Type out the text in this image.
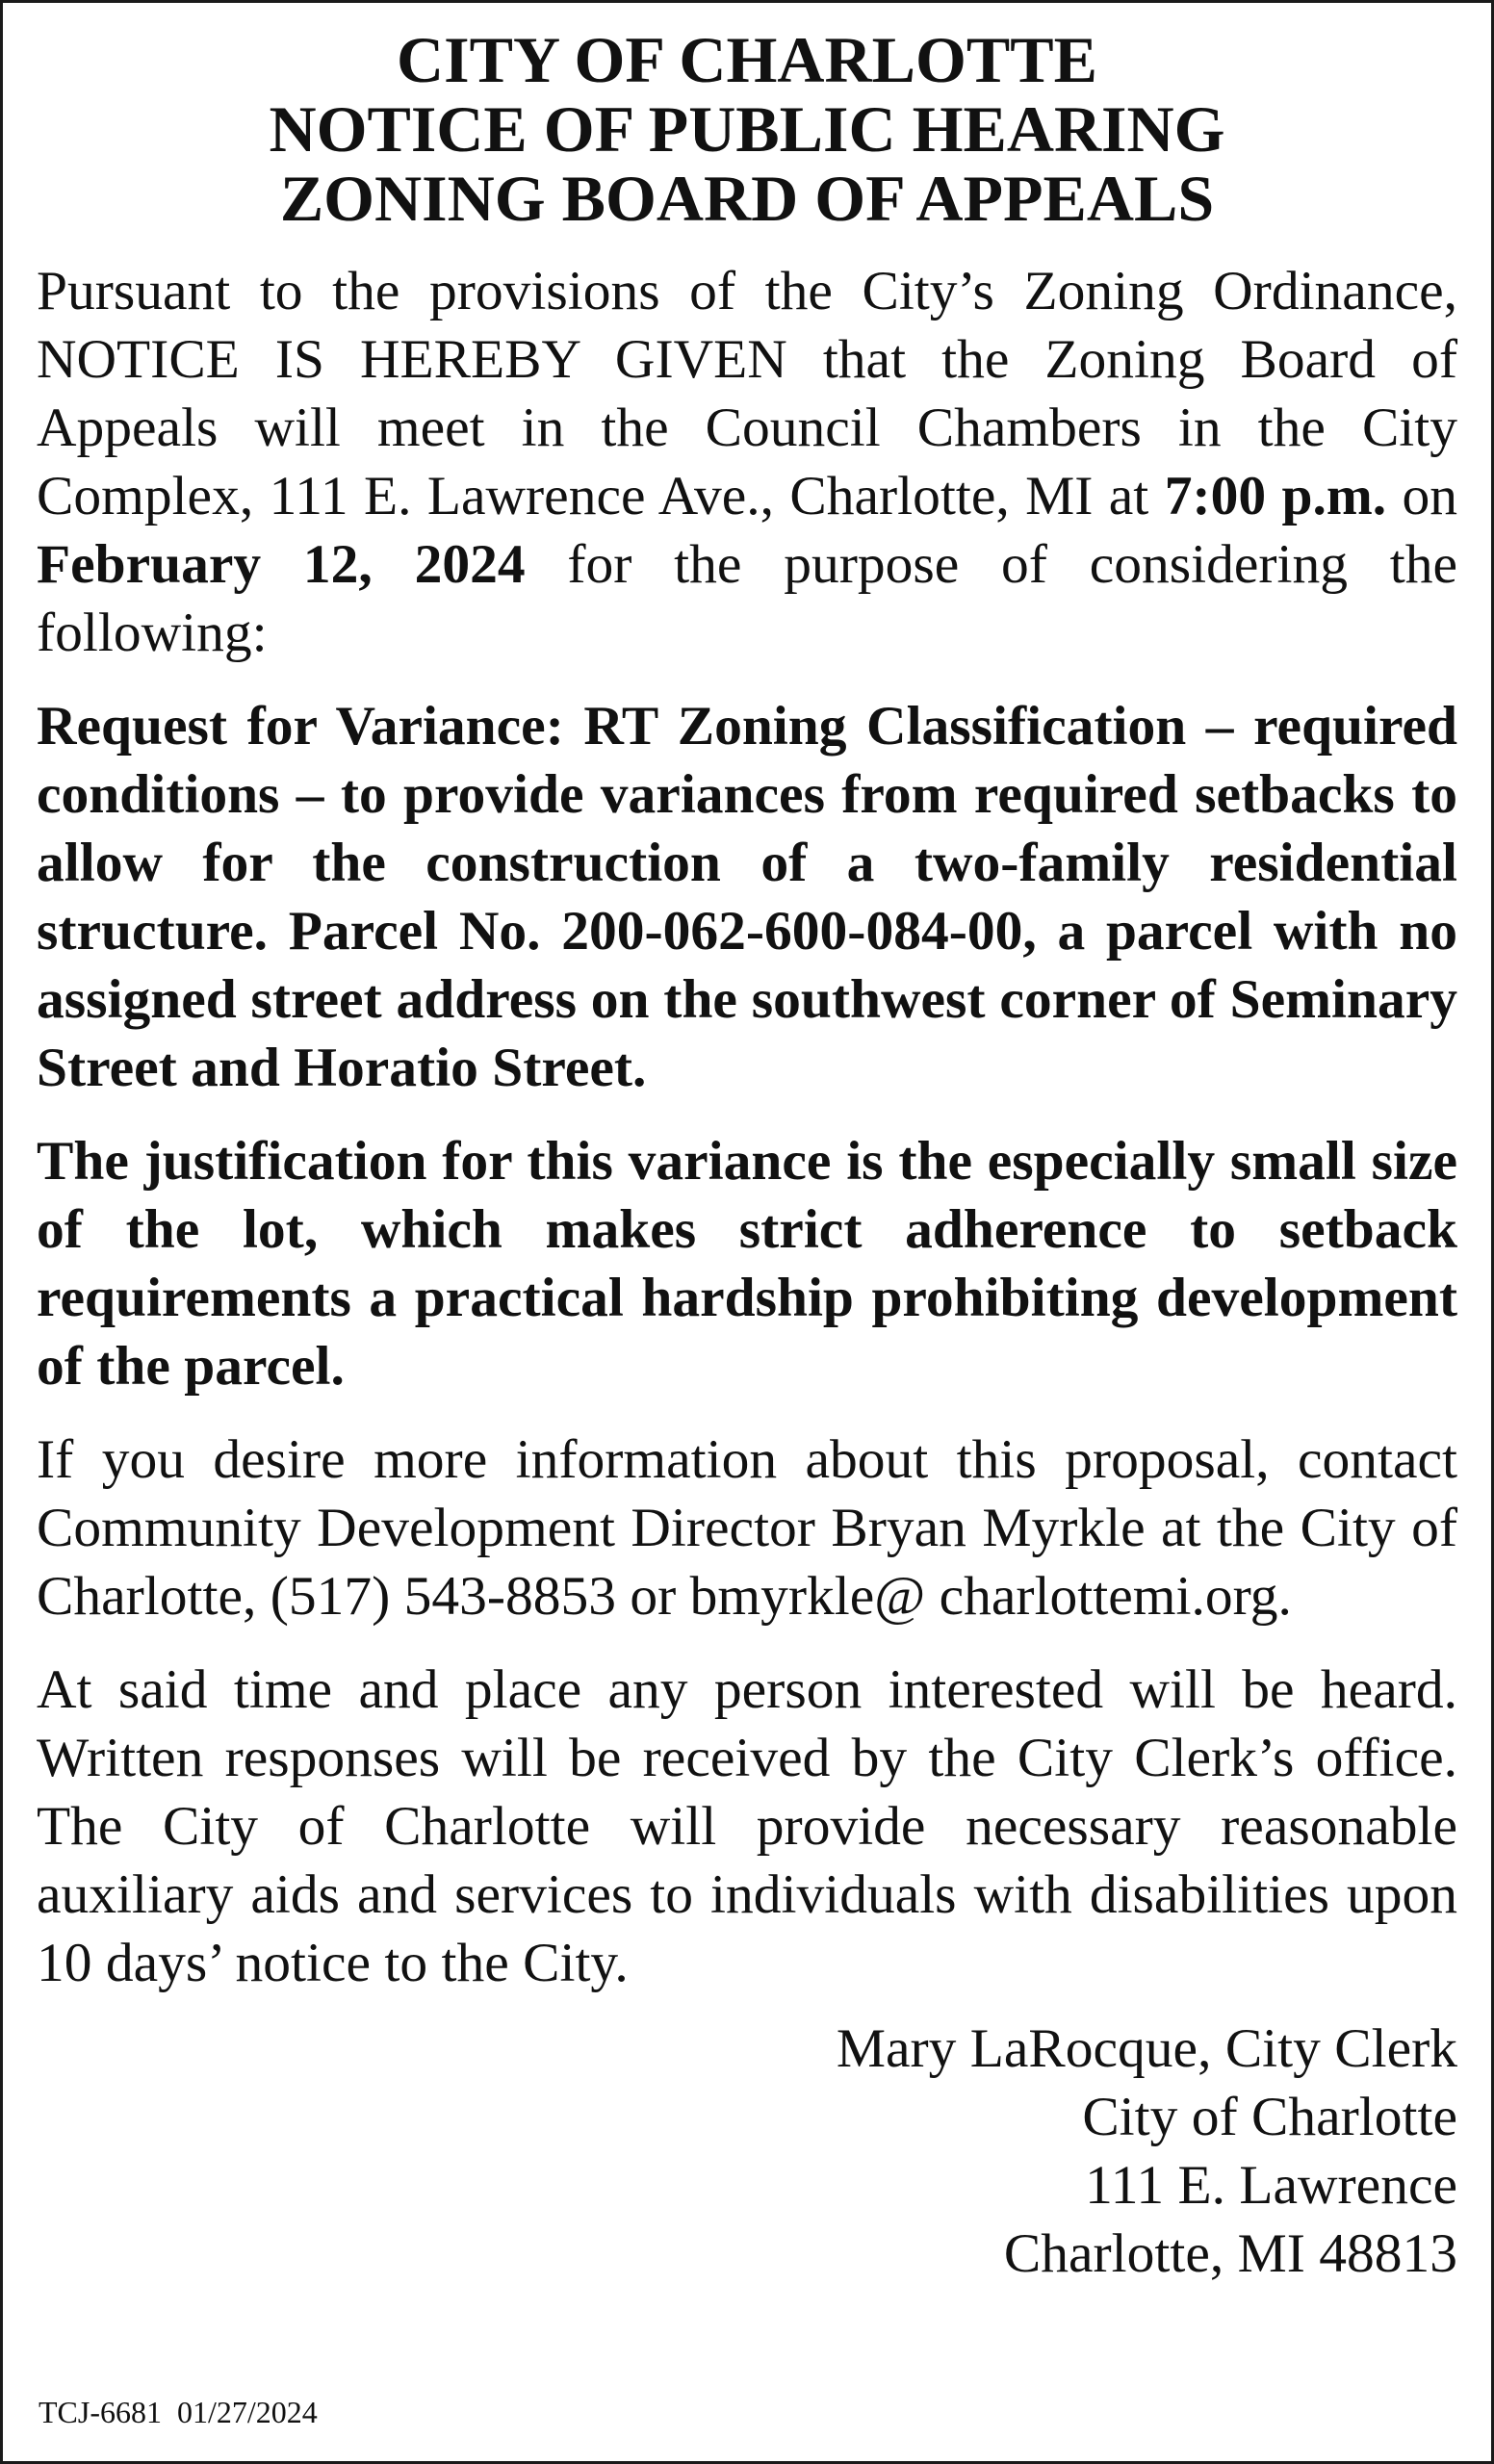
CITY OF CHARLOTTE
NOTICE OF PUBLIC HEARING
ZONING BOARD OF APPEALS

Pursuant to the provisions of the City’s Zoning Ordinance, NOTICE IS HEREBY GIVEN that the Zoning Board of Appeals will meet in the Council Chambers in the City Complex, 111 E. Lawrence Ave., Charlotte, MI at 7:00 p.m. on February 12, 2024 for the purpose of considering the following:

Request for Variance: RT Zoning Classification – required conditions – to provide variances from required setbacks to allow for the construction of a two-family residential structure. Parcel No. 200-062-600-084-00, a parcel with no assigned street address on the southwest corner of Seminary Street and Horatio Street.

The justification for this variance is the especially small size of the lot, which makes strict adherence to setback requirements a practical hardship prohibiting development of the parcel.

If you desire more information about this proposal, contact Community Development Director Bryan Myrkle at the City of Charlotte, (517) 543-8853 or bmyrkle@ charlottemi.org.

At said time and place any person interested will be heard. Written responses will be received by the City Clerk’s office. The City of Charlotte will provide necessary reasonable auxiliary aids and services to individuals with disabilities upon 10 days’ notice to the City.

Mary LaRocque, City Clerk
City of Charlotte
111 E. Lawrence
Charlotte, MI 48813
TCJ-6681  01/27/2024
